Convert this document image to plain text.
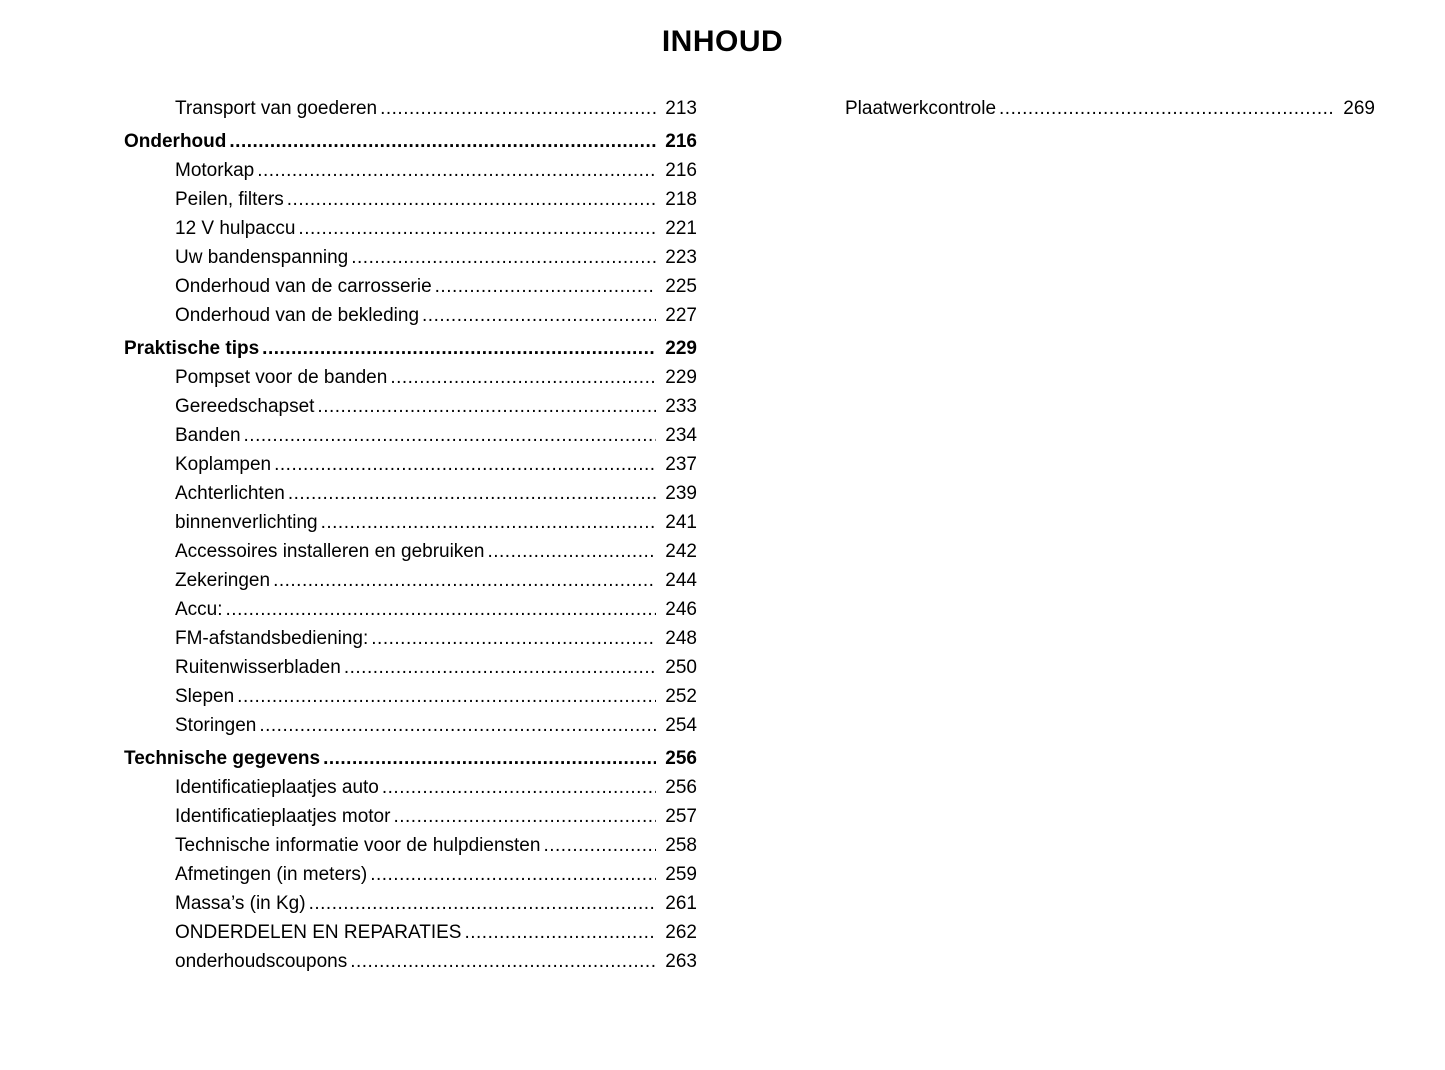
INHOUD
Transport van goederen .....	213
Onderhoud .....	216
Motorkap .....	216
Peilen, filters .....	218
12 V hulpaccu .....	221
Uw bandenspanning .....	223
Onderhoud van de carrosserie .....	225
Onderhoud van de bekleding .....	227
Praktische tips .....	229
Pompset voor de banden .....	229
Gereedschapset .....	233
Banden .....	234
Koplampen .....	237
Achterlichten .....	239
binnenverlichting .....	241
Accessoires installeren en gebruiken .....	242
Zekeringen .....	244
Accu: .....	246
FM-afstandsbediening: .....	248
Ruitenwisserbladen .....	250
Slepen .....	252
Storingen .....	254
Technische gegevens .....	256
Identificatieplaatjes auto .....	256
Identificatieplaatjes motor .....	257
Technische informatie voor de hulpdiensten .....	258
Afmetingen (in meters) .....	259
Massa’s (in Kg) .....	261
ONDERDELEN EN REPARATIES .....	262
onderhoudscoupons .....	263
Plaatwerkcontrole .....	269
